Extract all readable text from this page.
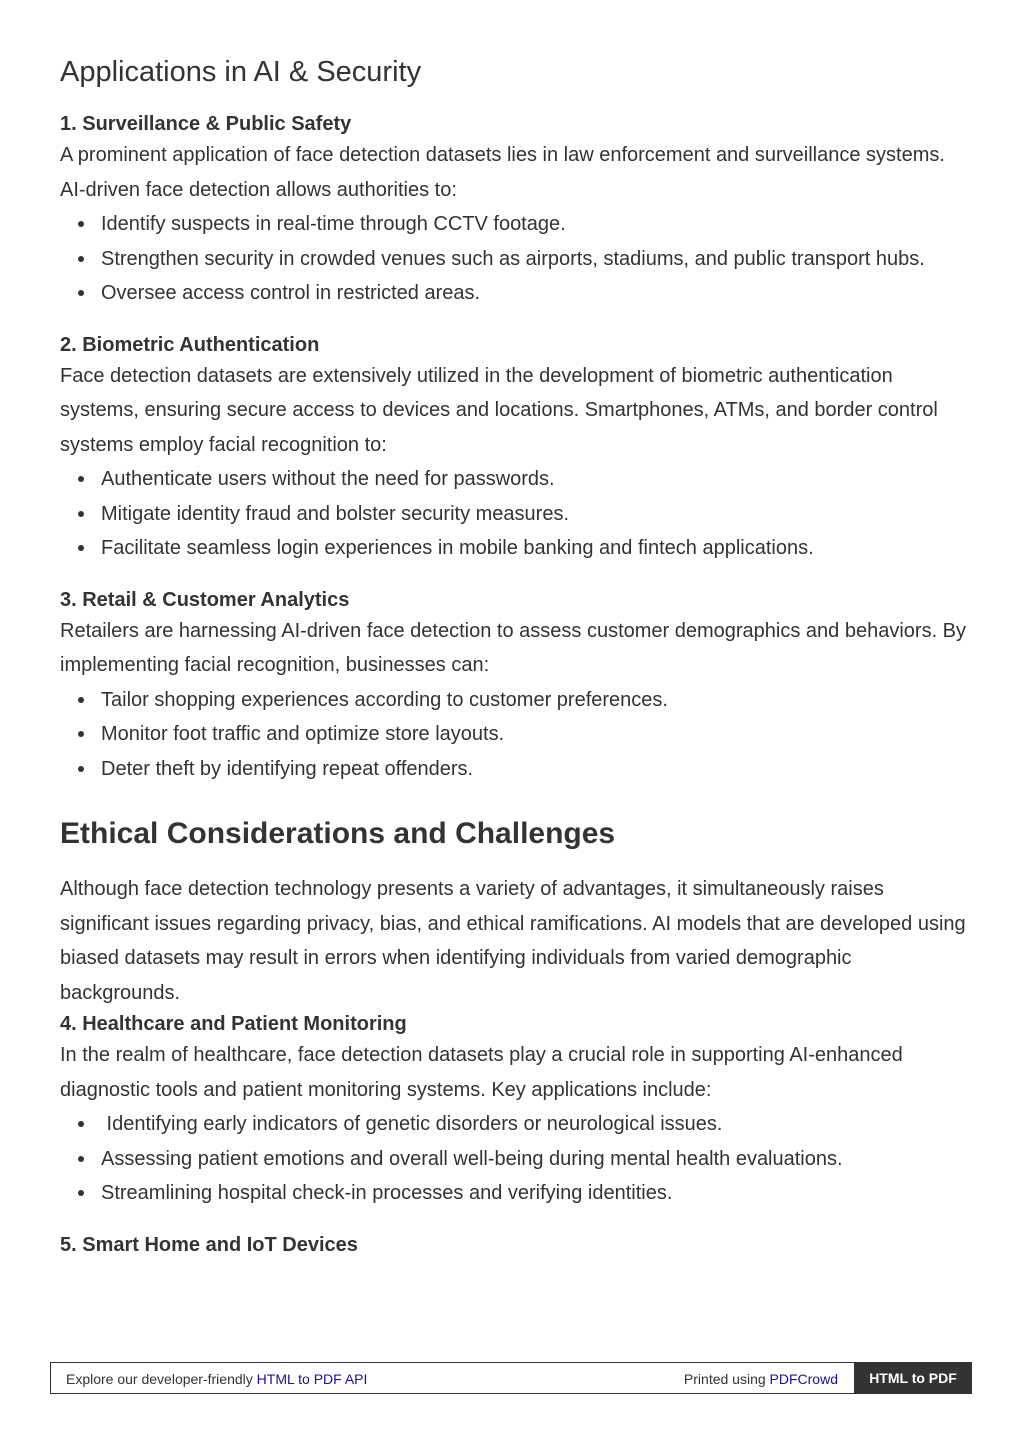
Applications in AI & Security
1. Surveillance & Public Safety

A prominent application of face detection datasets lies in law enforcement and surveillance systems. AI-driven face detection allows authorities to:

Identify suspects in real-time through CCTV footage.
Strengthen security in crowded venues such as airports, stadiums, and public transport hubs.
Oversee access control in restricted areas.
2. Biometric Authentication

Face detection datasets are extensively utilized in the development of biometric authentication systems, ensuring secure access to devices and locations. Smartphones, ATMs, and border control systems employ facial recognition to:

Authenticate users without the need for passwords.
Mitigate identity fraud and bolster security measures.
Facilitate seamless login experiences in mobile banking and fintech applications.
3. Retail & Customer Analytics

Retailers are harnessing AI-driven face detection to assess customer demographics and behaviors. By implementing facial recognition, businesses can:

Tailor shopping experiences according to customer preferences.
Monitor foot traffic and optimize store layouts.
Deter theft by identifying repeat offenders.
Ethical Considerations and Challenges

Although face detection technology presents a variety of advantages, it simultaneously raises significant issues regarding privacy, bias, and ethical ramifications. AI models that are developed using biased datasets may result in errors when identifying individuals from varied demographic backgrounds.

4. Healthcare and Patient Monitoring

In the realm of healthcare, face detection datasets play a crucial role in supporting AI-enhanced diagnostic tools and patient monitoring systems. Key applications include:

Identifying early indicators of genetic disorders or neurological issues.
Assessing patient emotions and overall well-being during mental health evaluations.
Streamlining hospital check-in processes and verifying identities.
5. Smart Home and IoT Devices
Explore our developer-friendly HTML to PDF API	Printed using PDFCrowd	HTML to PDF
